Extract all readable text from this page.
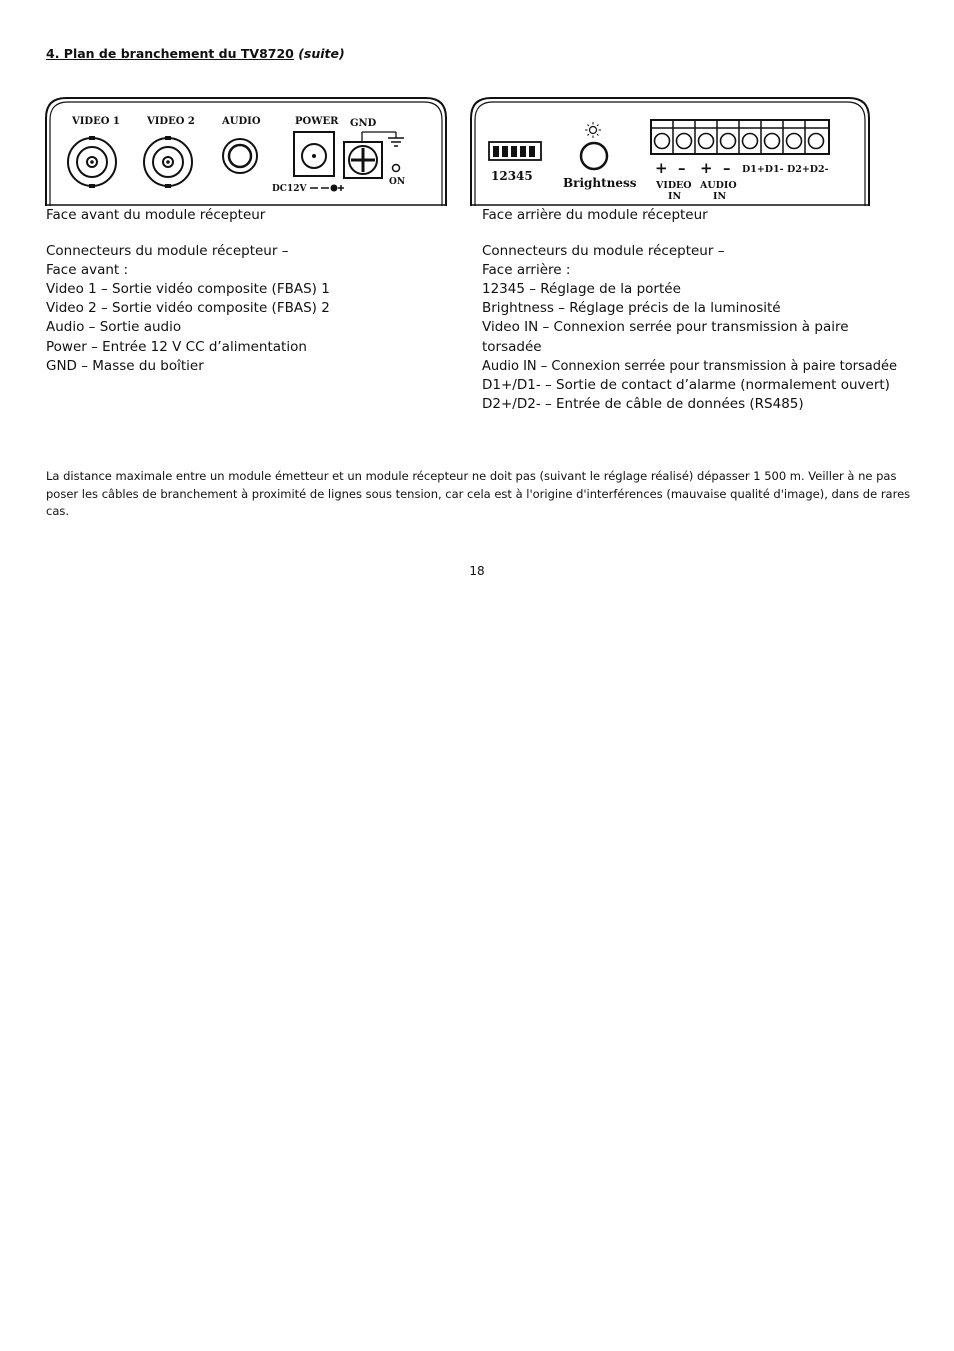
4. Plan de branchement du TV8720 (suite)
VIDEO 1	VIDEO 2	AUDIO	POWER GND
DC12V
ON	12345	Brightness
+ – + – D1+D1- D2+D2-
VIDEO
IN
AUDIO
IN
Face avant du module récepteur
Connecteurs du module récepteur –
Face avant :
Video 1 – Sortie vidéo composite (FBAS) 1
Video 2 – Sortie vidéo composite (FBAS) 2
Audio – Sortie audio
Power – Entrée 12 V CC d’alimentation
GND – Masse du boîtier
Face arrière du module récepteur
Connecteurs du module récepteur –
Face arrière :
12345 – Réglage de la portée
Brightness – Réglage précis de la luminosité
Video IN – Connexion serrée pour transmission à paire torsadée
Audio IN – Connexion serrée pour transmission à paire torsadée
D1+/D1- – Sortie de contact d’alarme (normalement ouvert)
D2+/D2- – Entrée de câble de données (RS485)
La distance maximale entre un module émetteur et un module récepteur ne doit pas (suivant le réglage réalisé) dépasser 1 500 m. Veiller à ne pas poser les câbles de branchement à proximité de lignes sous tension, car cela est à l'origine d'interférences (mauvaise qualité d'image), dans de rares cas.
18
